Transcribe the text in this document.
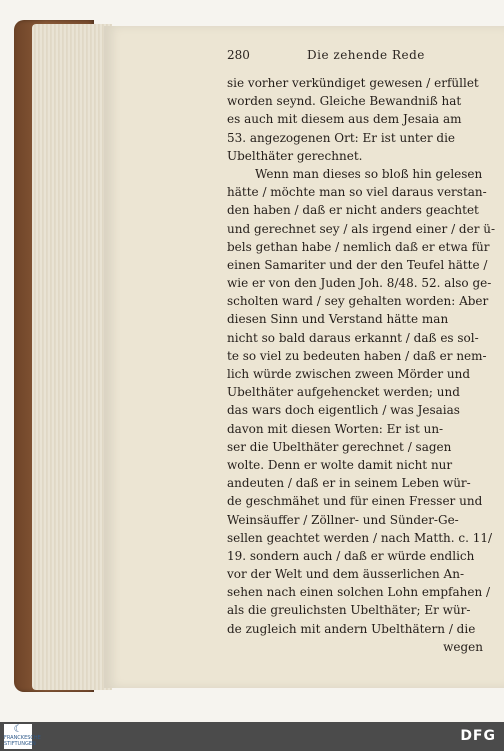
280	Die zehende Rede
sie vorher verkündiget gewesen / erfüllet
worden seynd. Gleiche Bewandniß hat
es auch mit diesem aus dem Jesaia am
53. angezogenen Ort: Er ist unter die
Ubelthäter gerechnet.
Wenn man dieses so bloß hin gelesen
hätte / möchte man so viel daraus verstan-
den haben / daß er nicht anders geachtet
und gerechnet sey / als irgend einer / der ü-
bels gethan habe / nemlich daß er etwa für
einen Samariter und der den Teufel hätte /
wie er von den Juden Joh. 8/48. 52. also ge-
scholten ward / sey gehalten worden: Aber
diesen Sinn und Verstand hätte man
nicht so bald daraus erkannt / daß es sol-
te so viel zu bedeuten haben / daß er nem-
lich würde zwischen zween Mörder und
Ubelthäter aufgehencket werden; und
das wars doch eigentlich / was Jesaias
davon mit diesen Worten: Er ist un-
ser die Ubelthäter gerechnet / sagen
wolte. Denn er wolte damit nicht nur
andeuten / daß er in seinem Leben wür-
de geschmähet und für einen Fresser und
Weinsäuffer / Zöllner- und Sünder-Ge-
sellen geachtet werden / nach Matth. c. 11/
19. sondern auch / daß er würde endlich
vor der Welt und dem äusserlichen An-
sehen nach einen solchen Lohn empfahen /
als die greulichsten Ubelthäter; Er wür-
de zugleich mit andern Ubelthätern / die
wegen
☾
FRANCKESCHE STIFTUNGEN	DFG
